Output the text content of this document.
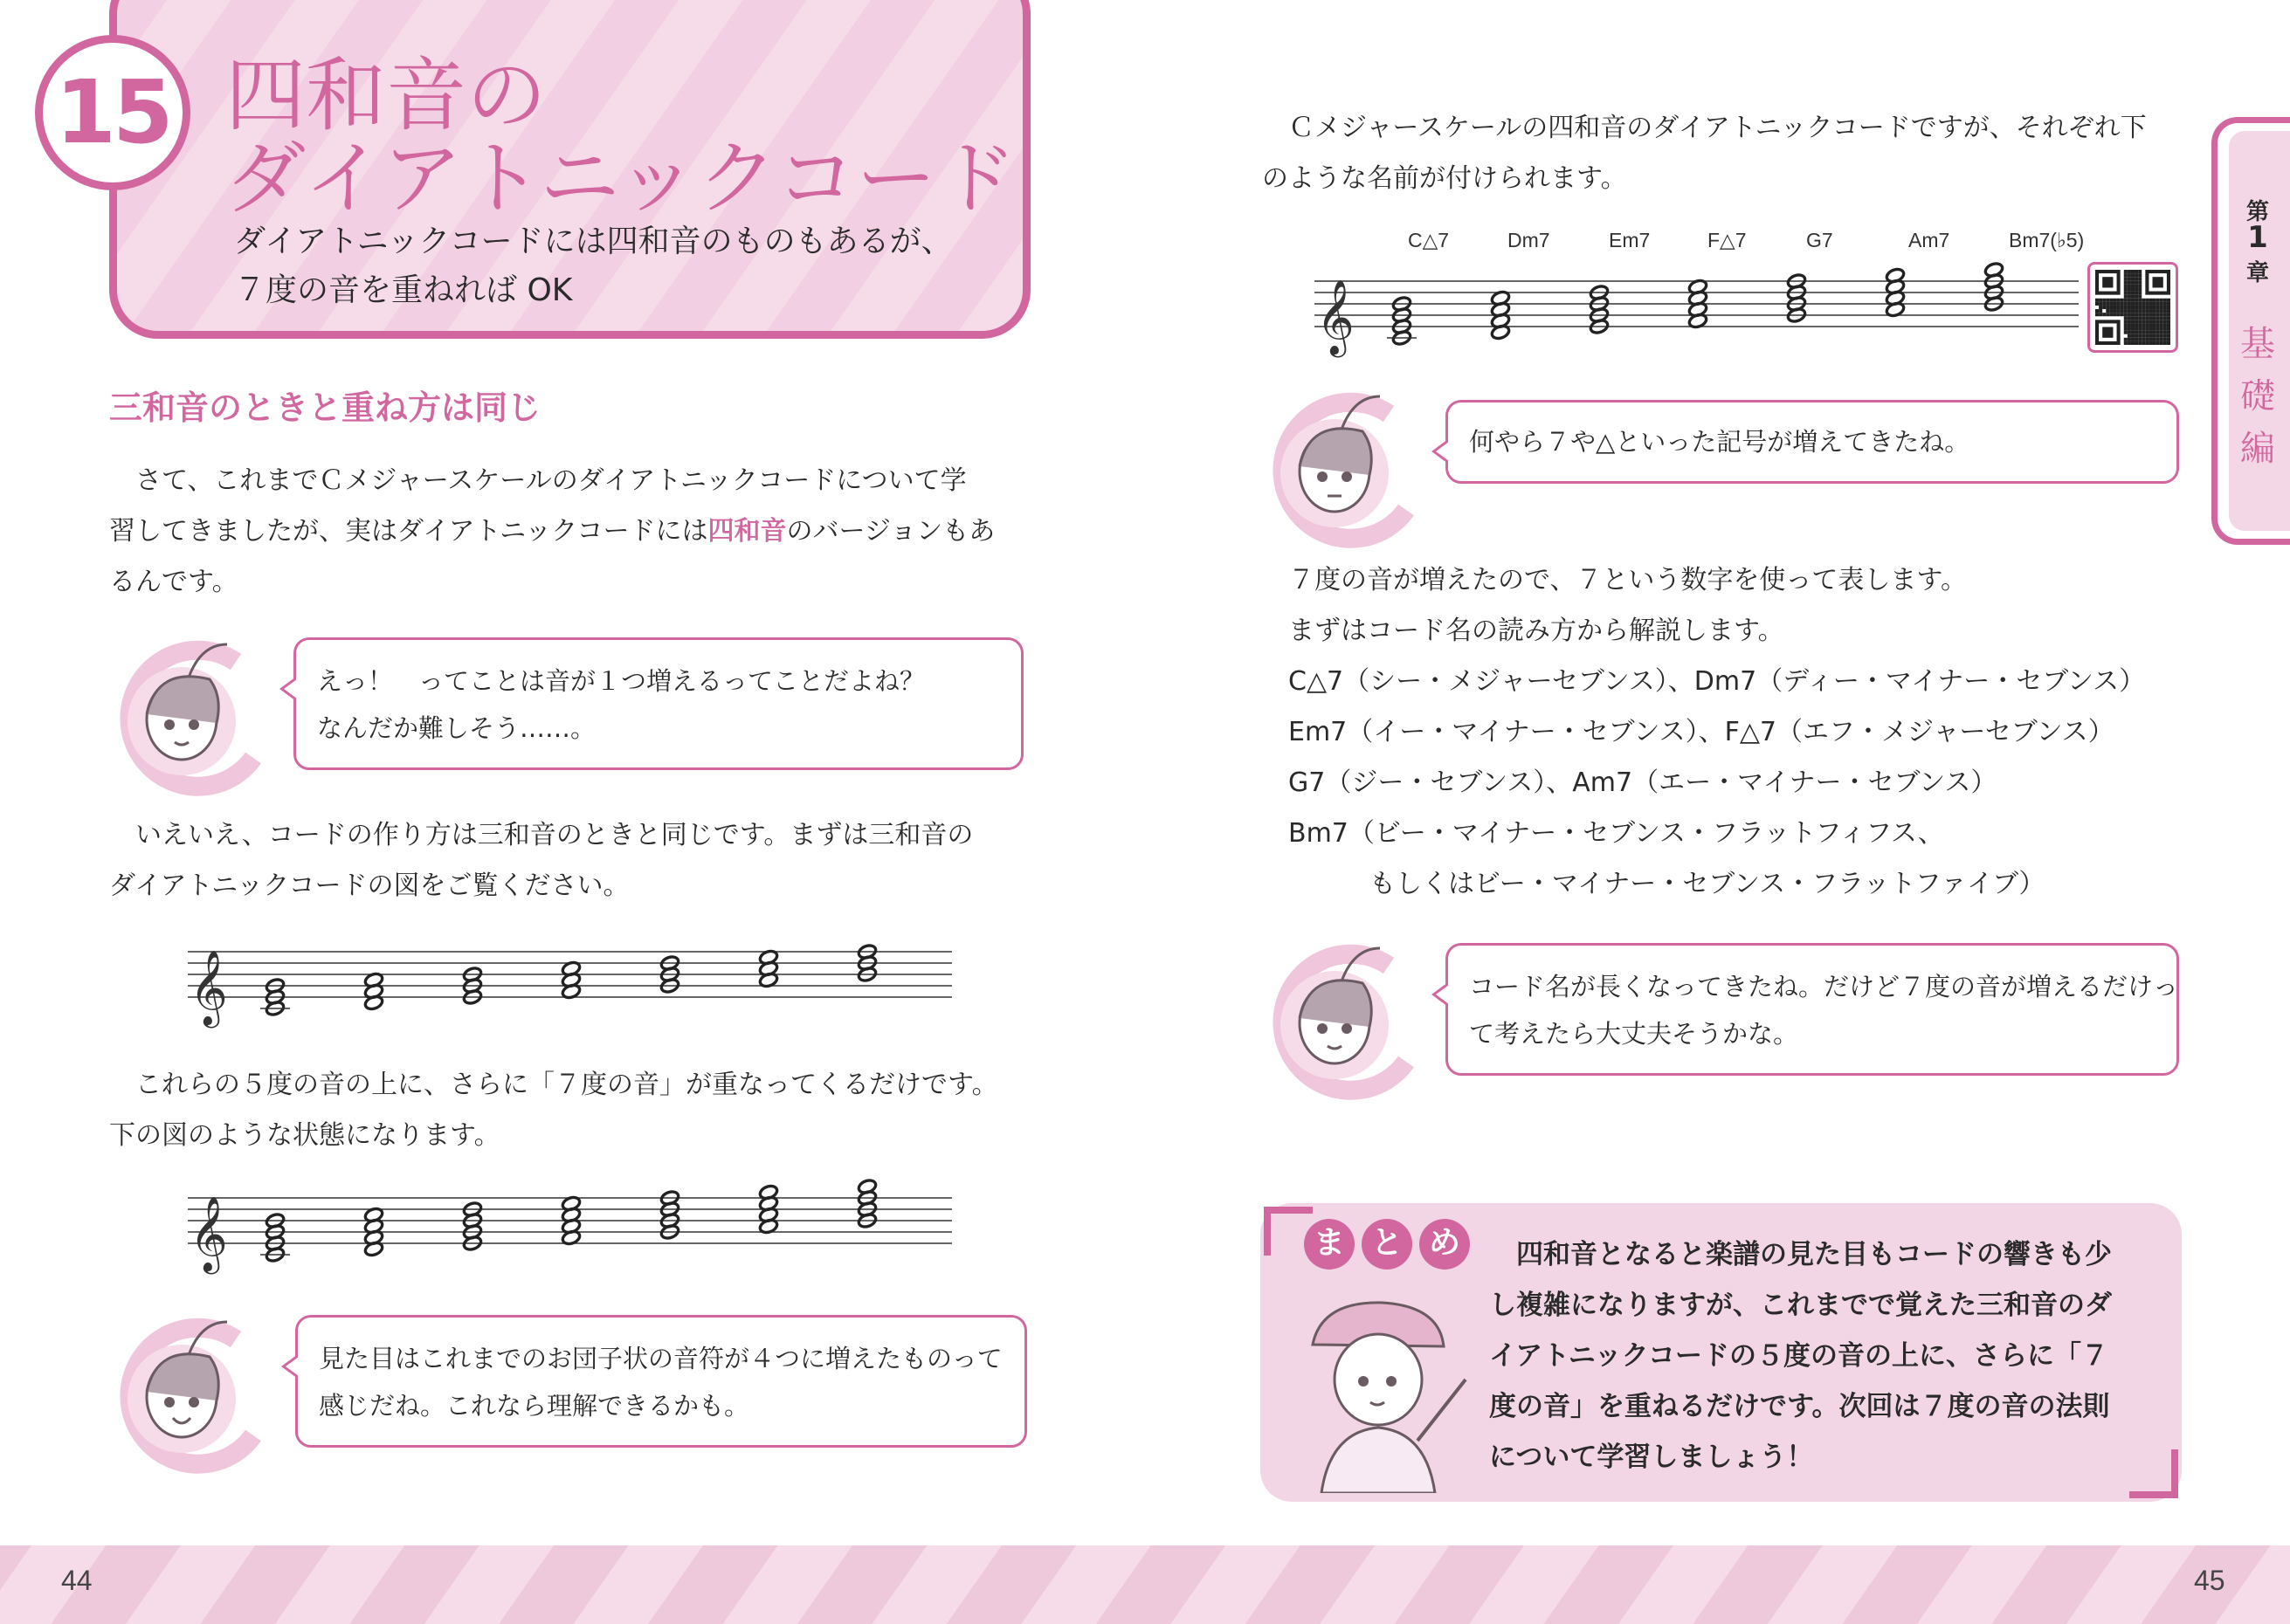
15 四和音の
ダイアトニックコード
ダイアトニックコードには四和音のものもあるが、
７度の音を重ねれば OK
三和音のときと重ね方は同じ
さて、これまでＣメジャースケールのダイアトニックコードについて学
習してきましたが、実はダイアトニックコードには四和音のバージョンもあ
るんです。
えっ！　ってことは音が１つ増えるってことだよね？
なんだか難しそう……。
いえいえ、コードの作り方は三和音のときと同じです。まずは三和音の
ダイアトニックコードの図をご覧ください。
𝄞
これらの５度の音の上に、さらに「７度の音」が重なってくるだけです。
下の図のような状態になります。
𝄞
見た目はこれまでのお団子状の音符が４つに増えたものって
感じだね。これなら理解できるかも。
Ｃメジャースケールの四和音のダイアトニックコードですが、それぞれ下
のような名前が付けられます。
C△7	Dm7	Em7	F△7	G7	Am7	Bm7(♭5)
𝄞
何やら７や△といった記号が増えてきたね。
７度の音が増えたので、７という数字を使って表します。
まずはコード名の読み方から解説します。
C△7（シー・メジャーセブンス）、Dm7（ディー・マイナー・セブンス）
Em7（イー・マイナー・セブンス）、F△7（エフ・メジャーセブンス）
G7（ジー・セブンス）、Am7（エー・マイナー・セブンス）
Bm7（ビー・マイナー・セブンス・フラットフィフス、
もしくはビー・マイナー・セブンス・フラットファイブ）
コード名が長くなってきたね。だけど７度の音が増えるだけっ
て考えたら大丈夫そうかな。
ま と め	　四和音となると楽譜の見た目もコードの響きも少
し複雑になりますが、これまでで覚えた三和音のダ
イアトニックコードの５度の音の上に、さらに「７
度の音」を重ねるだけです。次回は７度の音の法則
について学習しましょう！
第
1
章
基
礎
編
44	45
